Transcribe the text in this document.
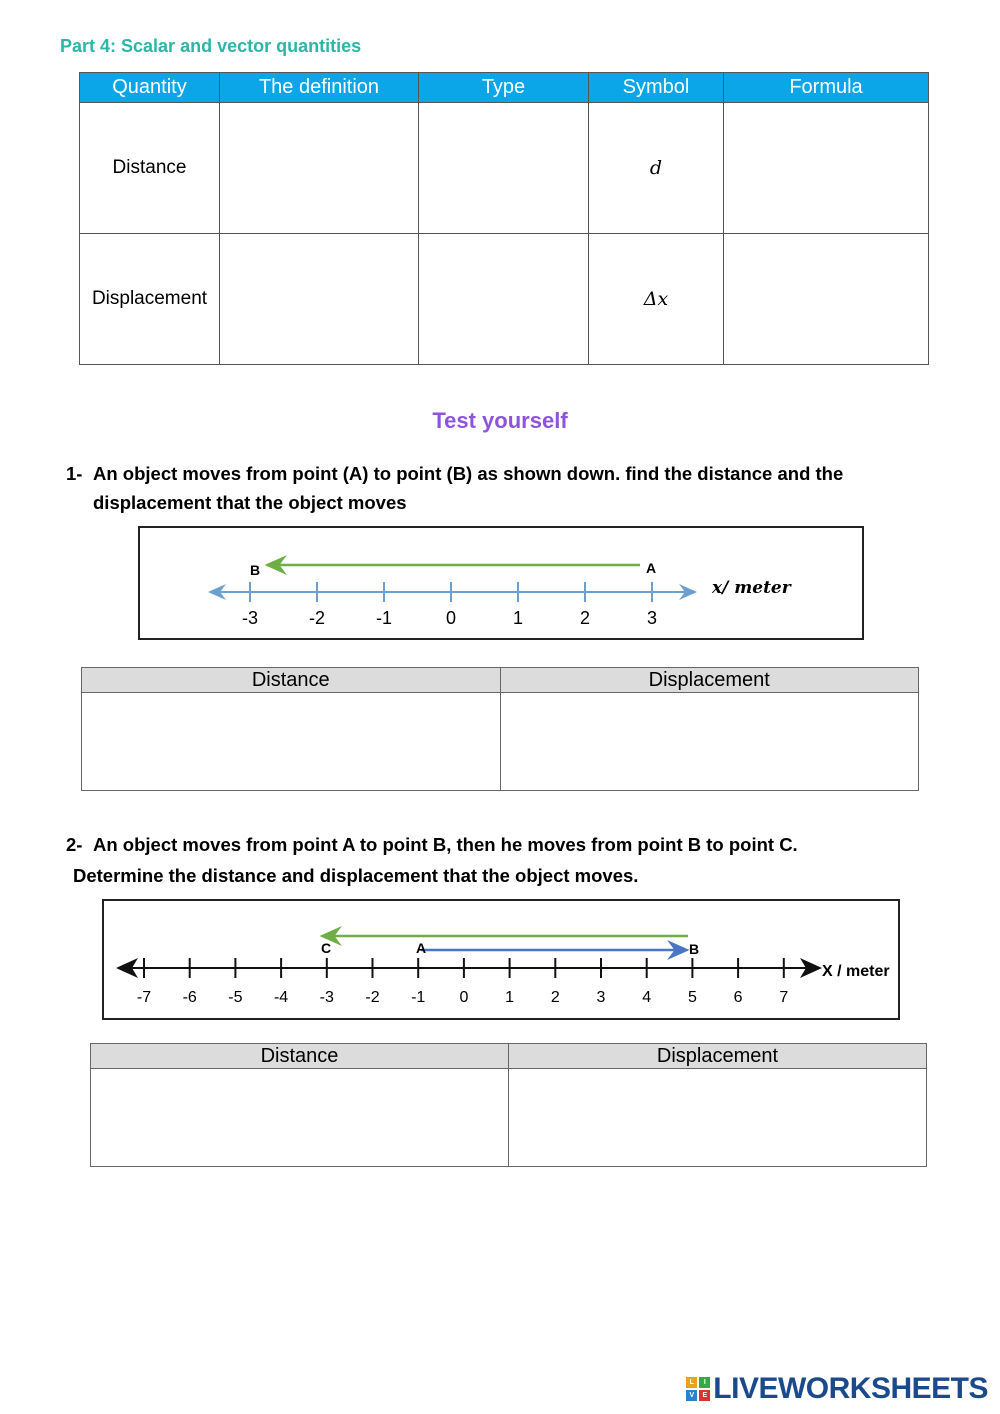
Part 4: Scalar and vector quantities
Quantity	The definition	Type	Symbol	Formula
Distance			d	
Displacement			Δx	
Test yourself
1- An object moves from point (A) to point (B) as shown down. find the distance and the
displacement that the object moves
-3	-2	-1	0	1	2	3
B	A
x/ meter
Distance	Displacement

2- An object moves from point A to point B, then he moves from point B to point C.
Determine the distance and displacement that the object moves.
-7 -6 -5 -4 -3 -2 -1 0 1 2 3 4 5 6 7
C	A	B
X / meter
Distance	Displacement

L	I
V	E LIVEWORKSHEETS
